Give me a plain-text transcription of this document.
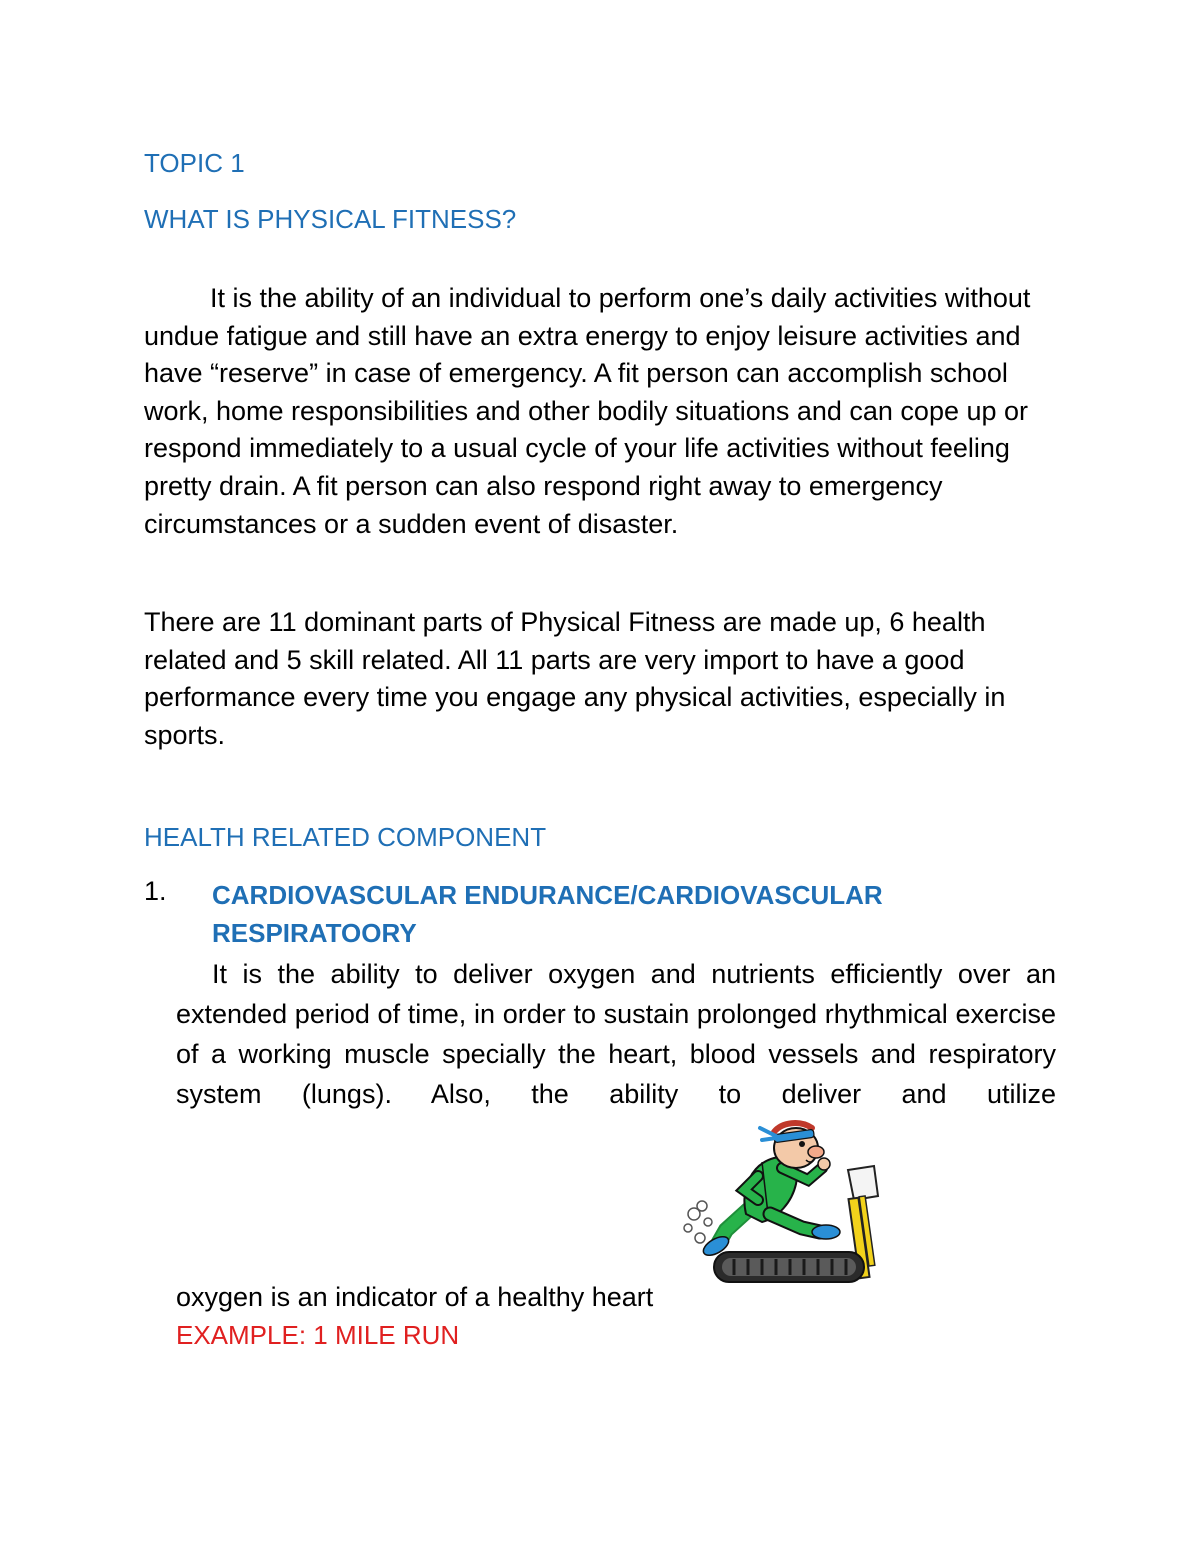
TOPIC 1
WHAT IS PHYSICAL FITNESS?

It is the ability of an individual to perform one’s daily activities without undue fatigue and still have an extra energy to enjoy leisure activities and have “reserve” in case of emergency. A fit person can accomplish school work, home responsibilities and other bodily situations and can cope up or respond immediately to a usual cycle of your life activities without feeling pretty drain. A fit person can also respond right away to emergency circumstances or a sudden event of disaster.

There are 11 dominant parts of Physical Fitness are made up, 6 health related and 5 skill related. All 11 parts are very import to have a good performance every time you engage any physical activities, especially in sports.

HEALTH RELATED COMPONENT
1. CARDIOVASCULAR ENDURANCE/CARDIOVASCULAR RESPIRATOORY

It is the ability to deliver oxygen and nutrients efficiently over an extended period of time, in order to sustain prolonged rhythmical exercise of a working muscle specially the heart, blood vessels and respiratory system (lungs). Also, the ability to deliver and utilize

oxygen is an indicator of a healthy heart
EXAMPLE: 1 MILE RUN
